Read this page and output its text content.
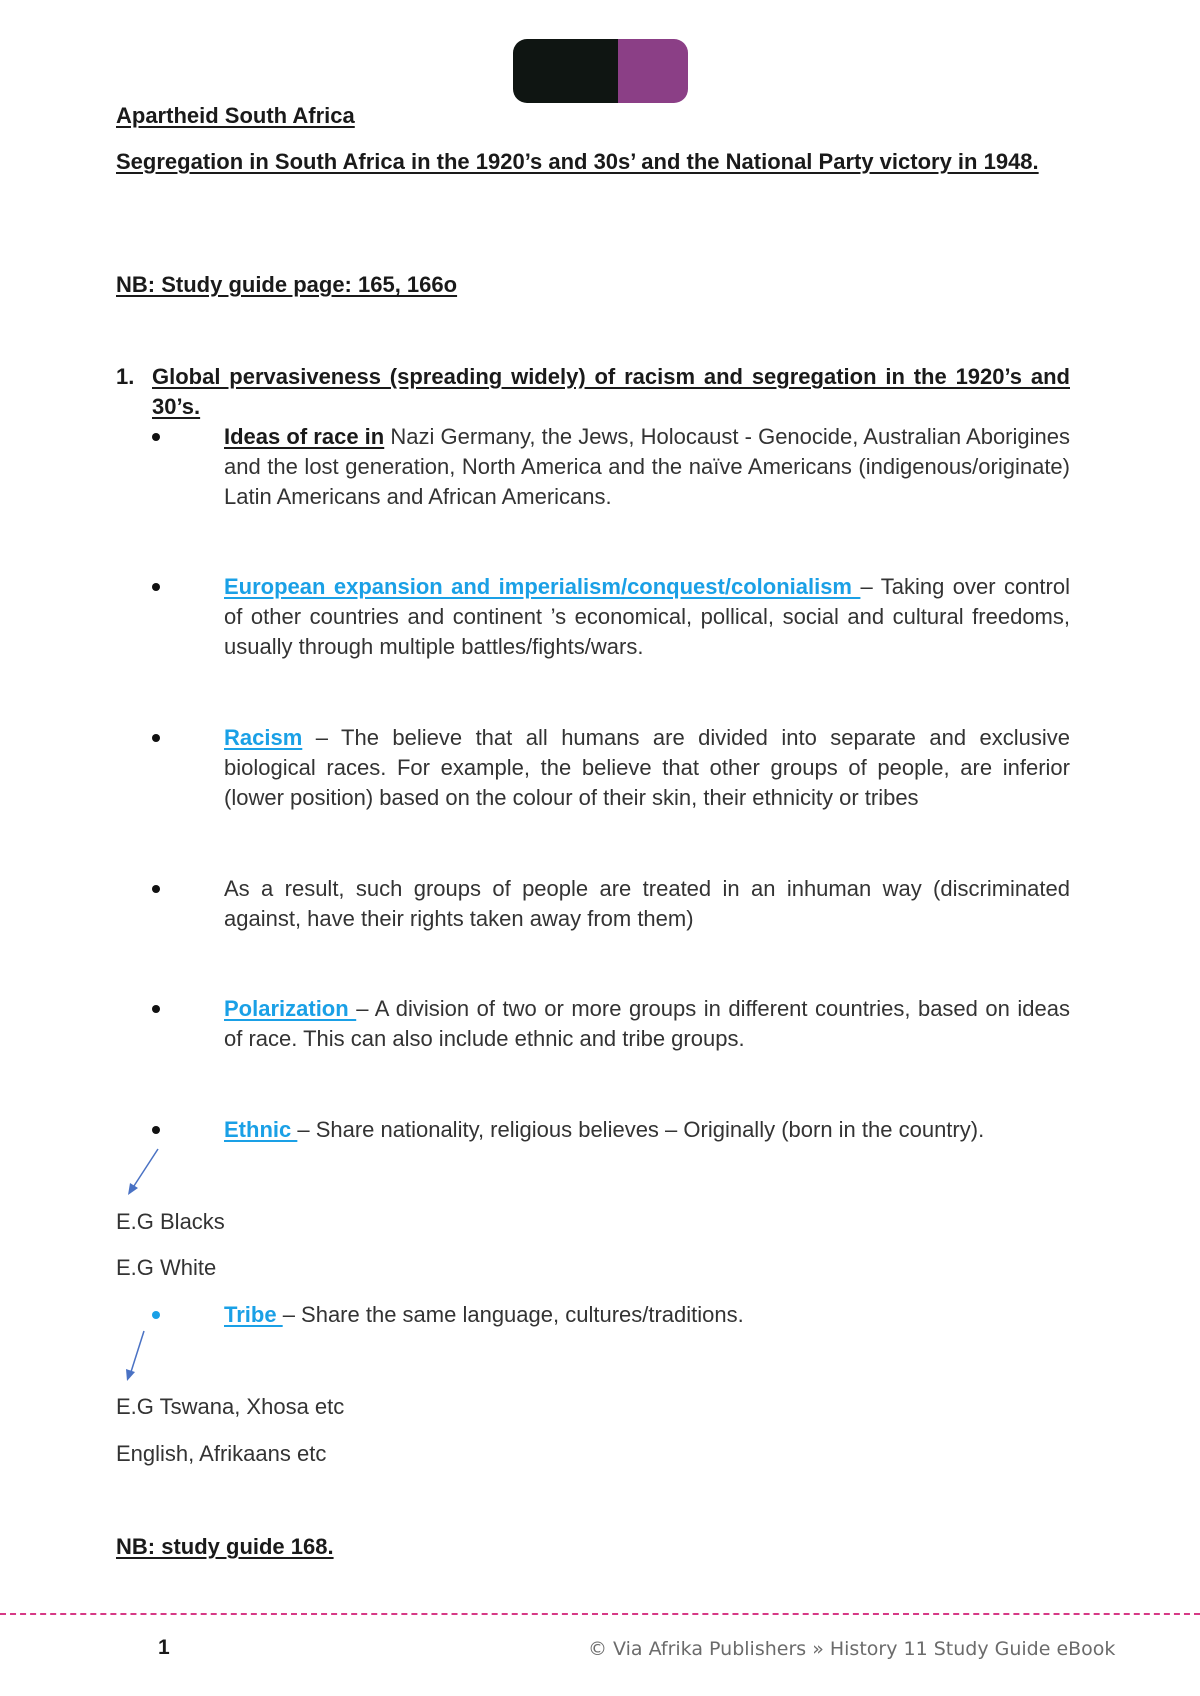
Apartheid South Africa
Segregation in South Africa in the 1920’s and 30s’ and the National Party victory in 1948.
NB: Study guide page: 165, 166o
1. Global pervasiveness (spreading widely) of racism and segregation in the 1920’s and 30’s.
Ideas of race in Nazi Germany, the Jews, Holocaust - Genocide, Australian Aborigines and the lost generation, North America and the naïve Americans (indigenous/originate) Latin Americans and African Americans.
European expansion and imperialism/conquest/colonialism – Taking over control of other countries and continent ’s economical, pollical, social and cultural freedoms, usually through multiple battles/fights/wars.
Racism – The believe that all humans are divided into separate and exclusive biological races. For example, the believe that other groups of people, are inferior (lower position) based on the colour of their skin, their ethnicity or tribes
As a result, such groups of people are treated in an inhuman way (discriminated against, have their rights taken away from them)
Polarization – A division of two or more groups in different countries, based on ideas of race. This can also include ethnic and tribe groups.
Ethnic – Share nationality, religious believes – Originally (born in the country).
E.G Blacks
E.G White
Tribe – Share the same language, cultures/traditions.
E.G Tswana, Xhosa etc
English, Afrikaans etc
NB: study guide 168.
1	© Via Afrika Publishers » History 11 Study Guide eBook
